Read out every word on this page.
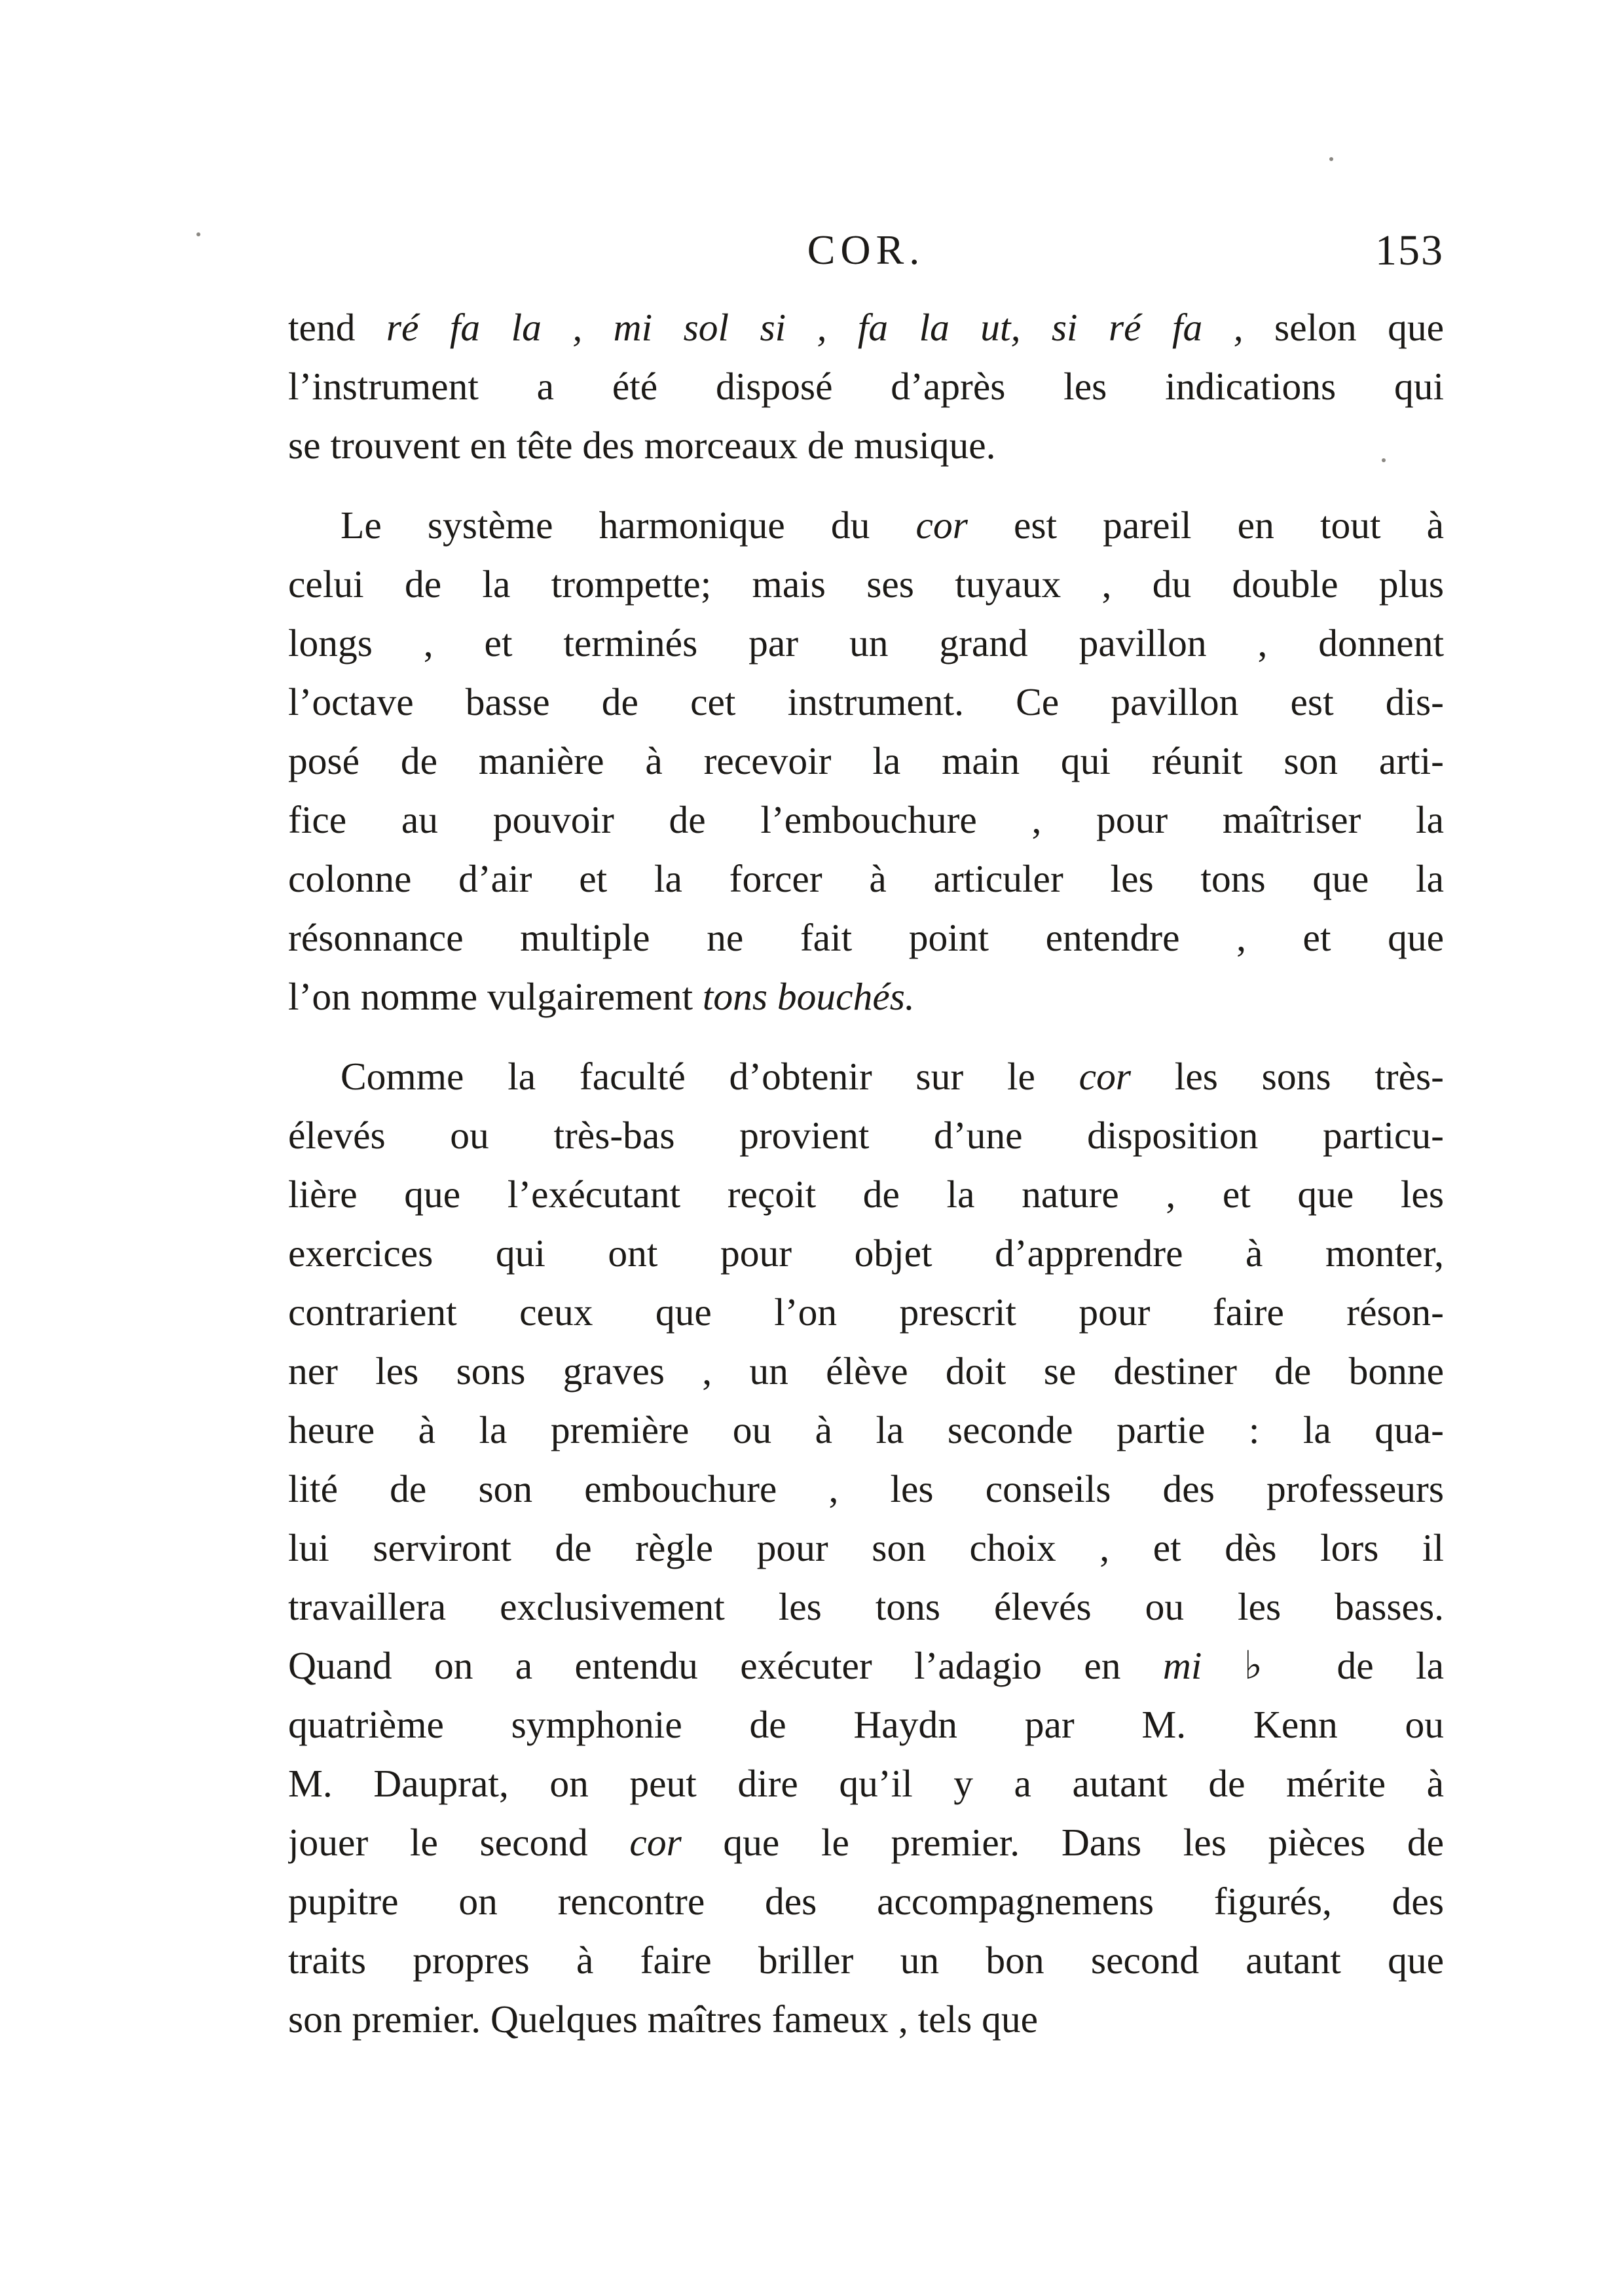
COR.	153
tend ré fa la , mi sol si , fa la ut, si ré fa , selon que
l’instrument a été disposé d’après les indications qui
se trouvent en tête des morceaux de musique.
Le système harmonique du cor est pareil en tout à
celui de la trompette; mais ses tuyaux , du double plus
longs , et terminés par un grand pavillon , donnent
l’octave basse de cet instrument. Ce pavillon est dis-
posé de manière à recevoir la main qui réunit son arti-
fice au pouvoir de l’embouchure , pour maîtriser la
colonne d’air et la forcer à articuler les tons que la
résonnance multiple ne fait point entendre , et que
l’on nomme vulgairement tons bouchés.
Comme la faculté d’obtenir sur le cor les sons très-
élevés ou très-bas provient d’une disposition particu-
lière que l’exécutant reçoit de la nature , et que les
exercices qui ont pour objet d’apprendre à monter,
contrarient ceux que l’on prescrit pour faire réson-
ner les sons graves , un élève doit se destiner de bonne
heure à la première ou à la seconde partie : la qua-
lité de son embouchure , les conseils des professeurs
lui serviront de règle pour son choix , et dès lors il
travaillera exclusivement les tons élevés ou les basses.
Quand on a entendu exécuter l’adagio en mi ♭ de la
quatrième symphonie de Haydn par M. Kenn ou
M. Dauprat, on peut dire qu’il y a autant de mérite à
jouer le second cor que le premier. Dans les pièces de
pupitre on rencontre des accompagnemens figurés, des
traits propres à faire briller un bon second autant que
son premier. Quelques maîtres fameux , tels que
